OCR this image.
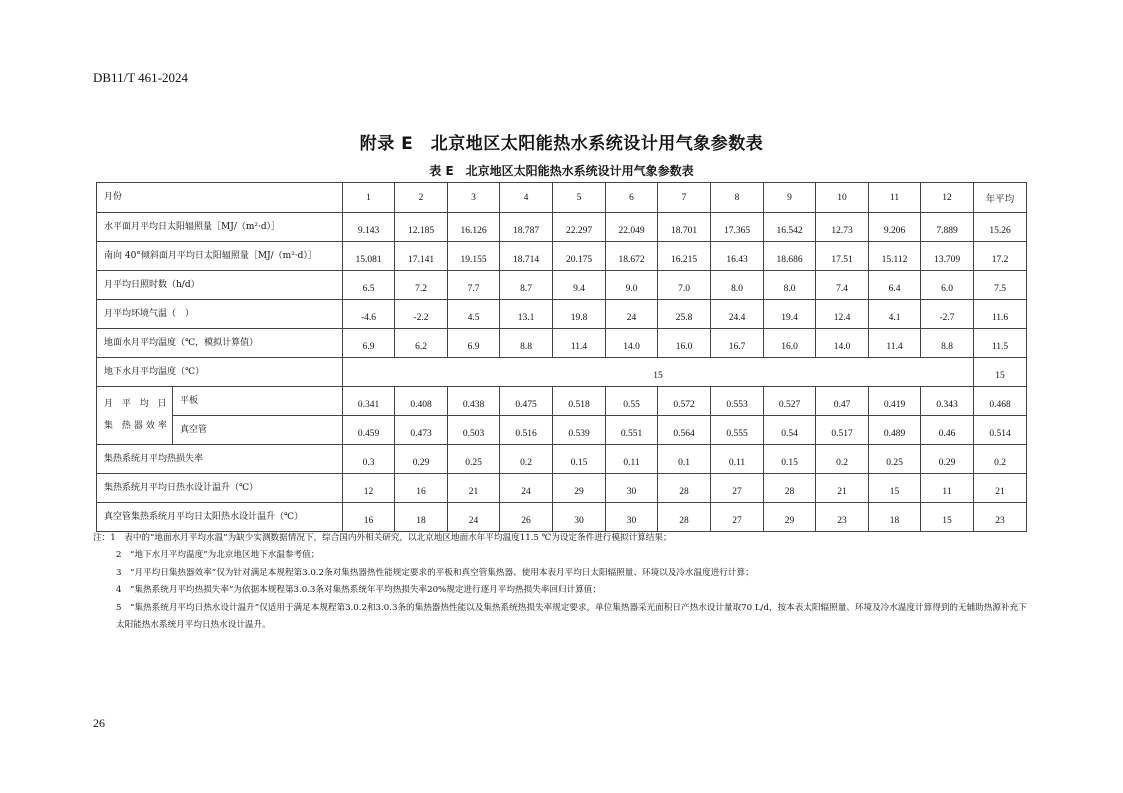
DB11/T 461-2024
附录 E　北京地区太阳能热水系统设计用气象参数表
表 E　北京地区太阳能热水系统设计用气象参数表
月份		1	2	3	4	5	6	7	8	9	10	11	12	年平均
水平面月平均日太阳辐照量［MJ/（m²·d）］		9.143	12.185	16.126	18.787	22.297	22.049	18.701	17.365	16.542	12.73	9.206	7.889	15.26
南向 40°倾斜面月平均日太阳辐照量［MJ/（m²·d）］		15.081	17.141	19.155	18.714	20.175	18.672	16.215	16.43	18.686	17.51	15.112	13.709	17.2
月平均日照时数（h/d）		6.5	7.2	7.7	8.7	9.4	9.0	7.0	8.0	8.0	7.4	6.4	6.0	7.5
月平均环境气温（　）		-4.6	-2.2	4.5	13.1	19.8	24	25.8	24.4	19.4	12.4	4.1	-2.7	11.6
地面水月平均温度（℃，模拟计算值）		6.9	6.2	6.9	8.8	11.4	14.0	16.0	16.7	16.0	14.0	11.4	8.8	11.5
地下水月平均温度（℃）		15												15
月 平 均 日 集 热器效率	平板	0.341	0.408	0.438	0.475	0.518	0.55	0.572	0.553	0.527	0.47	0.419	0.343	0.468
	真空管	0.459	0.473	0.503	0.516	0.539	0.551	0.564	0.555	0.54	0.517	0.489	0.46	0.514
集热系统月平均热损失率		0.3	0.29	0.25	0.2	0.15	0.11	0.1	0.11	0.15	0.2	0.25	0.29	0.2
集热系统月平均日热水设计温升（℃）		12	16	21	24	29	30	28	27	28	21	15	11	21
真空管集热系统月平均日太阳热水设计温升（℃）		16	18	24	26	30	30	28	27	29	23	18	15	23
注：1　表中的“地面水月平均水温”为缺少实测数据情况下，综合国内外相关研究，以北京地区地面水年平均温度11.5 ℃为设定条件进行模拟计算结果；
2　“地下水月平均温度”为北京地区地下水温参考值；
3　“月平均日集热器效率”仅为针对满足本规程第3.0.2条对集热器热性能规定要求的平板和真空管集热器、使用本表月平均日太阳辐照量、环境以及冷水温度进行计算；
4　“集热系统月平均热损失率”为依据本规程第3.0.3条对集热系统年平均热损失率20%规定进行逐月平均热损失率回归计算值；
5　“集热系统月平均日热水设计温升”仅适用于满足本规程第3.0.2和3.0.3条的集热器热性能以及集热系统热损失率规定要求，单位集热器采光面积日产热水设计量取70 L/d，按本表太阳辐照量、环境及冷水温度计算得到的无辅助热源补充下太阳能热水系统月平均日热水设计温升。
26
